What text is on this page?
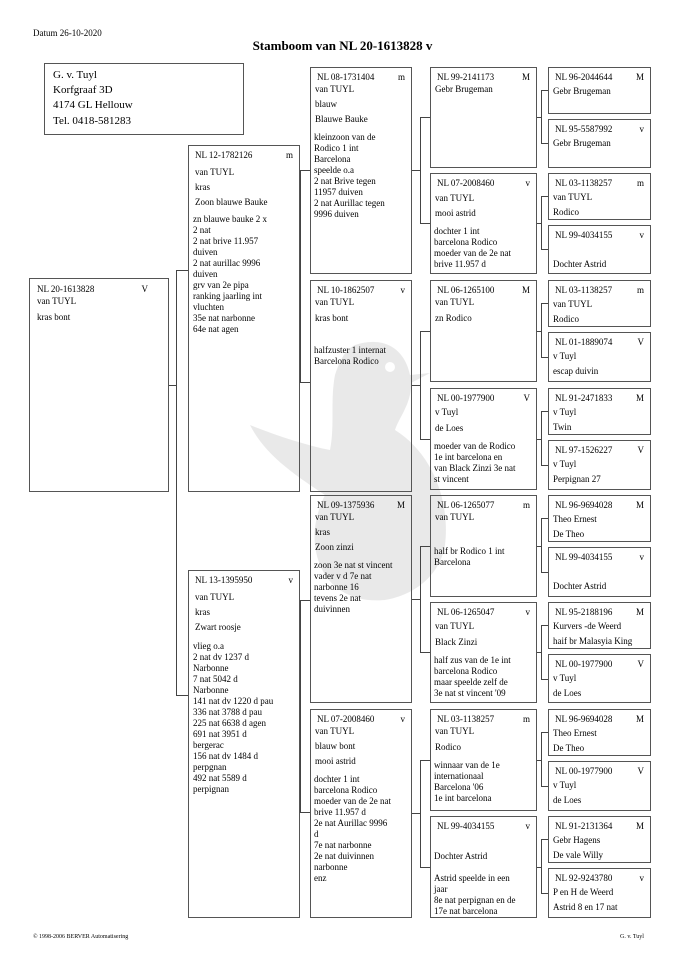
Datum 26-10-2020
Stamboom van NL 20-1613828 v
G. v. Tuyl
Korfgraaf 3D
4174 GL Hellouw
Tel. 0418-581283
NL 20-1613828	V
van TUYL
kras bont
NL 12-1782126	m
van TUYL
kras
Zoon blauwe Bauke
zn blauwe bauke 2 x
2 nat
2 nat brive 11.957
duiven
2 nat aurillac 9996
duiven
grv van 2e pipa
ranking jaarling int
vluchten
35e nat narbonne
64e nat agen
NL 13-1395950	v
van TUYL
kras
Zwart roosje
vlieg o.a
2 nat dv 1237 d
Narbonne
7 nat 5042 d
Narbonne
141 nat dv 1220 d pau
336 nat 3788 d pau
225 nat 6638 d agen
691 nat 3951 d
bergerac
156 nat dv 1484 d
perpgnan
492 nat 5589 d
perpignan
NL 08-1731404	m
van TUYL
blauw
Blauwe Bauke
kleinzoon van de
Rodico 1 int
Barcelona
speelde o.a
2 nat Brive tegen
11957 duiven
2 nat Aurillac tegen
9996 duiven
NL 10-1862507	v
van TUYL
kras bont
halfzuster 1 internat
Barcelona Rodico
NL 09-1375936	M
van TUYL
kras
Zoon zinzi
zoon 3e nat st vincent
vader v d 7e nat
narbonne 16
tevens 2e nat
duivinnen
NL 07-2008460	v
van TUYL
blauw bont
mooi astrid
dochter 1 int
barcelona Rodico
moeder van de 2e nat
brive 11.957 d
2e nat Aurillac 9996
d
7e nat narbonne
2e nat duivinnen
narbonne
enz
NL 99-2141173	M
Gebr Brugeman
NL 07-2008460	v
van TUYL
mooi astrid
dochter 1 int
barcelona Rodico
moeder van de 2e nat
brive 11.957 d
NL 06-1265100	M
van TUYL
zn Rodico
NL 00-1977900	V
v Tuyl
de Loes
moeder van de Rodico
1e int barcelona en
van Black Zinzi 3e nat
st vincent
NL 06-1265077	m
van TUYL
half br Rodico 1 int
Barcelona
NL 06-1265047	v
van TUYL
Black Zinzi
half zus van de 1e int
barcelona Rodico
maar speelde zelf de
3e nat st vincent '09
NL 03-1138257	m
van TUYL
Rodico
winnaar van de 1e
internationaal
Barcelona '06
1e int barcelona
NL 99-4034155	v
Dochter Astrid

Astrid speelde in een
jaar
8e nat perpignan en de
17e nat barcelona
NL 96-2044644	M
Gebr Brugeman
NL 95-5587992	v
Gebr Brugeman
NL 03-1138257	m
van TUYL
Rodico
NL 99-4034155	v
Dochter Astrid
NL 03-1138257	m
van TUYL
Rodico
NL 01-1889074	V
v Tuyl
escap duivin
NL 91-2471833	M
v Tuyl
Twin
NL 97-1526227	V
v Tuyl
Perpignan 27
NL 96-9694028	M
Theo Ernest
De Theo
NL 99-4034155	v
Dochter Astrid
NL 95-2188196	M
Kurvers -de Weerd
haif br Malasyia King
NL 00-1977900	V
v Tuyl
de Loes
NL 96-9694028	M
Theo Ernest
De Theo
NL 00-1977900	V
v Tuyl
de Loes
NL 91-2131364	M
Gebr Hagens
De vale Willy
NL 92-9243780	v
P en H de Weerd
Astrid 8 en 17 nat
© 1998-2006 BERVER Automatisering	G. v. Tuyl
